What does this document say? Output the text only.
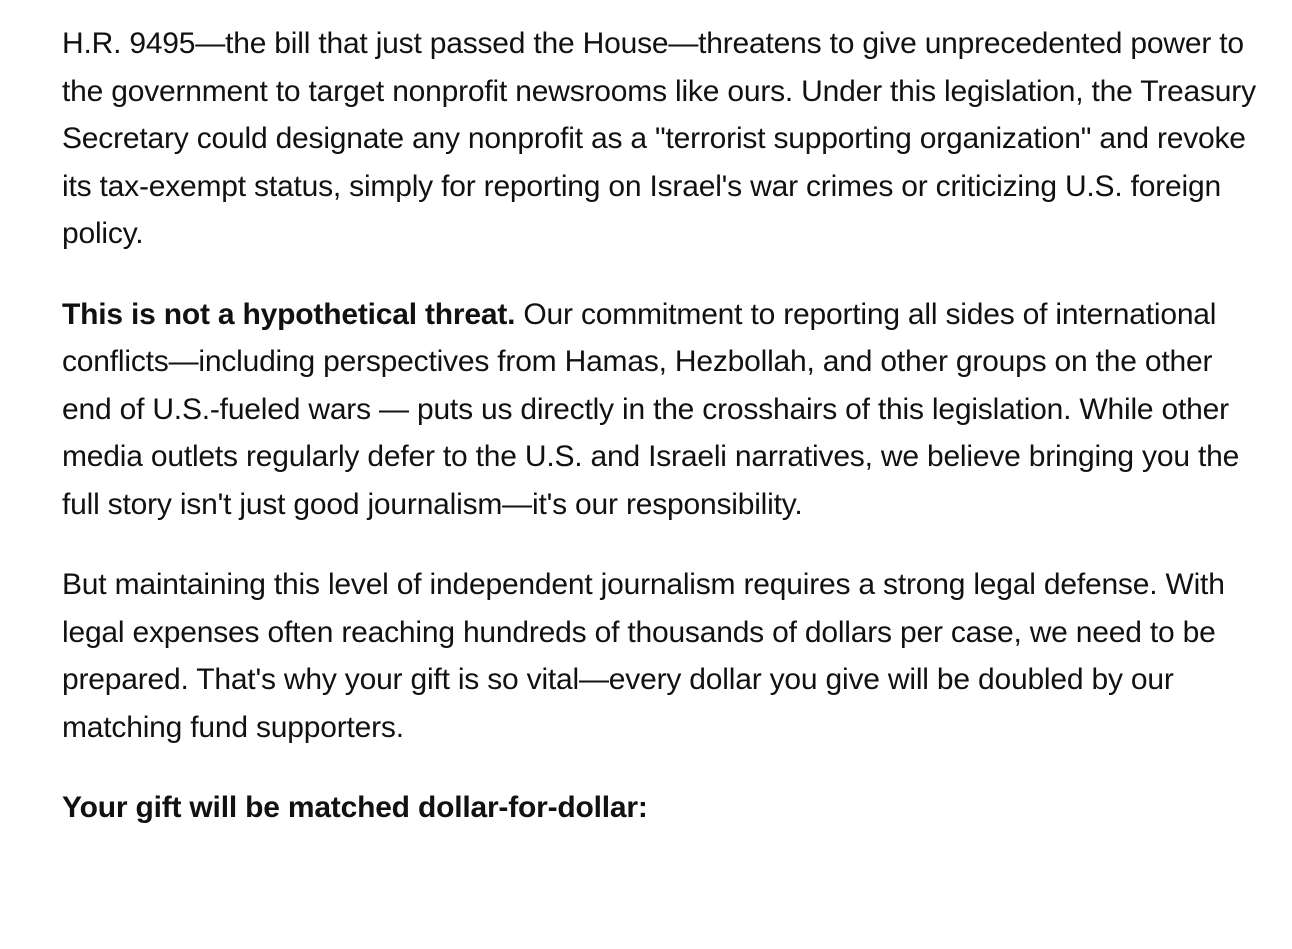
H.R. 9495—the bill that just passed the House—threatens to give unprecedented power to the government to target nonprofit newsrooms like ours. Under this legislation, the Treasury Secretary could designate any nonprofit as a "terrorist supporting organization" and revoke its tax-exempt status, simply for reporting on Israel's war crimes or criticizing U.S. foreign policy.

This is not a hypothetical threat. Our commitment to reporting all sides of international conflicts—including perspectives from Hamas, Hezbollah, and other groups on the other end of U.S.-fueled wars — puts us directly in the crosshairs of this legislation. While other media outlets regularly defer to the U.S. and Israeli narratives, we believe bringing you the full story isn't just good journalism—it's our responsibility.

But maintaining this level of independent journalism requires a strong legal defense. With legal expenses often reaching hundreds of thousands of dollars per case, we need to be prepared. That's why your gift is so vital—every dollar you give will be doubled by our matching fund supporters.

Your gift will be matched dollar-for-dollar:
